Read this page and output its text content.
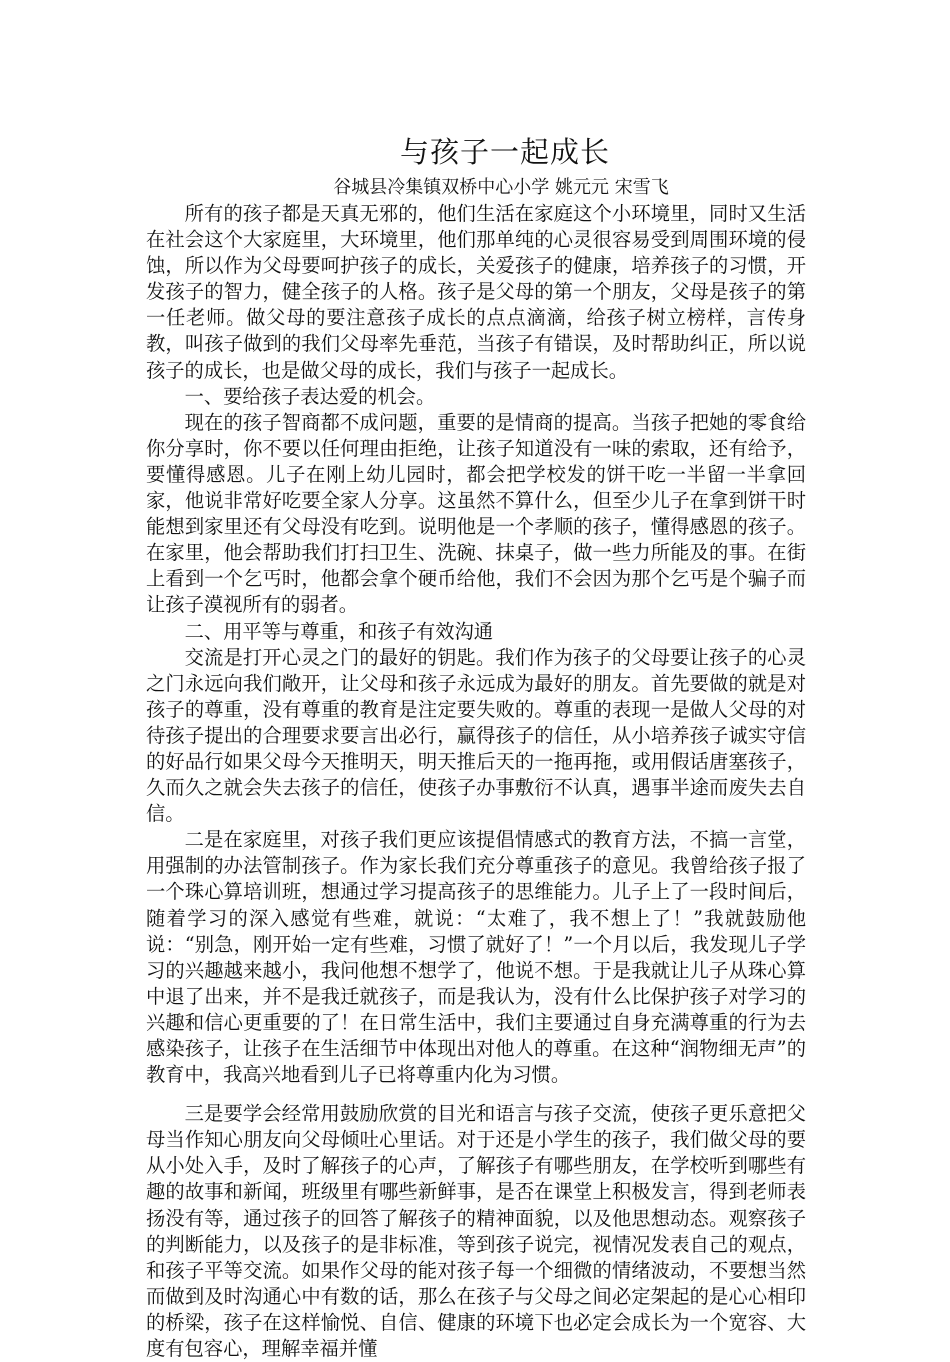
与孩子一起成长
谷城县冷集镇双桥中心小学 姚元元 宋雪飞

所有的孩子都是天真无邪的，他们生活在家庭这个小环境里，同时又生活在社会这个大家庭里，大环境里，他们那单纯的心灵很容易受到周围环境的侵蚀，所以作为父母要呵护孩子的成长，关爱孩子的健康，培养孩子的习惯，开发孩子的智力，健全孩子的人格。孩子是父母的第一个朋友，父母是孩子的第一任老师。做父母的要注意孩子成长的点点滴滴，给孩子树立榜样，言传身教，叫孩子做到的我们父母率先垂范，当孩子有错误，及时帮助纠正，所以说孩子的成长，也是做父母的成长，我们与孩子一起成长。

一、要给孩子表达爱的机会。

现在的孩子智商都不成问题，重要的是情商的提高。当孩子把她的零食给你分享时，你不要以任何理由拒绝，让孩子知道没有一味的索取，还有给予，要懂得感恩。儿子在刚上幼儿园时，都会把学校发的饼干吃一半留一半拿回家，他说非常好吃要全家人分享。这虽然不算什么，但至少儿子在拿到饼干时能想到家里还有父母没有吃到。说明他是一个孝顺的孩子，懂得感恩的孩子。在家里，他会帮助我们打扫卫生、洗碗、抹桌子，做一些力所能及的事。在街上看到一个乞丐时，他都会拿个硬币给他，我们不会因为那个乞丐是个骗子而让孩子漠视所有的弱者。

二、用平等与尊重，和孩子有效沟通

交流是打开心灵之门的最好的钥匙。我们作为孩子的父母要让孩子的心灵之门永远向我们敞开，让父母和孩子永远成为最好的朋友。首先要做的就是对孩子的尊重，没有尊重的教育是注定要失败的。尊重的表现一是做人父母的对待孩子提出的合理要求要言出必行，赢得孩子的信任，从小培养孩子诚实守信的好品行如果父母今天推明天，明天推后天的一拖再拖，或用假话唐塞孩子，久而久之就会失去孩子的信任，使孩子办事敷衍不认真，遇事半途而废失去自信。

二是在家庭里，对孩子我们更应该提倡情感式的教育方法，不搞一言堂，用强制的办法管制孩子。作为家长我们充分尊重孩子的意见。我曾给孩子报了一个珠心算培训班，想通过学习提高孩子的思维能力。儿子上了一段时间后，随着学习的深入感觉有些难，就说：“太难了，我不想上了！”我就鼓励他说：“别急，刚开始一定有些难，习惯了就好了！”一个月以后，我发现儿子学习的兴趣越来越小，我问他想不想学了，他说不想。于是我就让儿子从珠心算中退了出来，并不是我迁就孩子，而是我认为，没有什么比保护孩子对学习的兴趣和信心更重要的了！在日常生活中，我们主要通过自身充满尊重的行为去感染孩子，让孩子在生活细节中体现出对他人的尊重。在这种“润物细无声”的教育中，我高兴地看到儿子已将尊重内化为习惯。

三是要学会经常用鼓励欣赏的目光和语言与孩子交流，使孩子更乐意把父母当作知心朋友向父母倾吐心里话。对于还是小学生的孩子，我们做父母的要从小处入手，及时了解孩子的心声，了解孩子有哪些朋友，在学校听到哪些有趣的故事和新闻，班级里有哪些新鲜事，是否在课堂上积极发言，得到老师表扬没有等，通过孩子的回答了解孩子的精神面貌，以及他思想动态。观察孩子的判断能力，以及孩子的是非标准，等到孩子说完，视情况发表自己的观点，和孩子平等交流。如果作父母的能对孩子每一个细微的情绪波动，不要想当然而做到及时沟通心中有数的话，那么在孩子与父母之间必定架起的是心心相印的桥梁，孩子在这样愉悦、自信、健康的环境下也必定会成长为一个宽容、大度有包容心，理解幸福并懂
